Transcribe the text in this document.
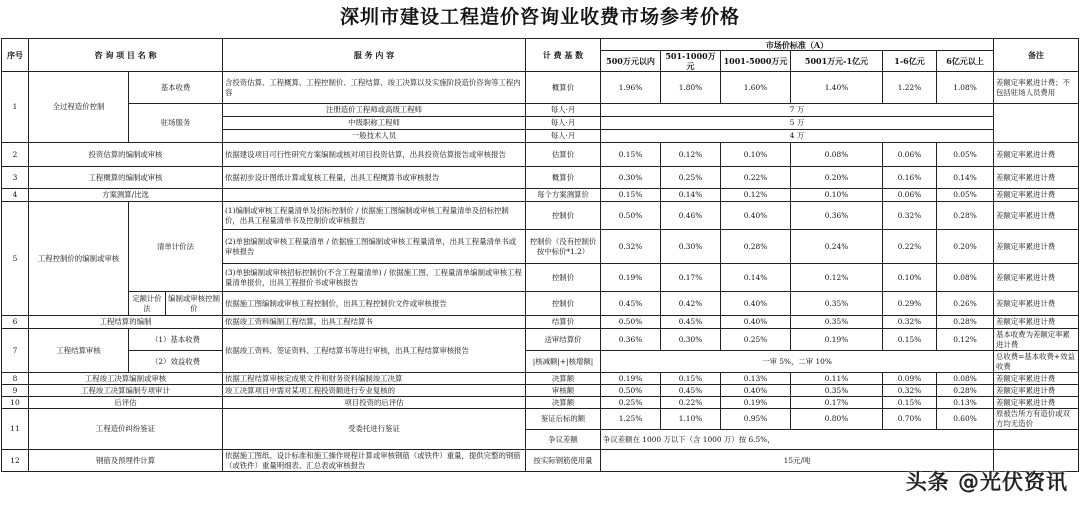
深圳市建设工程造价咨询业收费市场参考价格
序号	咨 询 项 目 名 称			服 务 内 容	计 费 基 数	市场价标准（A）						备注
						500万元以内	501-1000万元	1001-5000万元	5001万元-1亿元	1-6亿元	6亿元以上	
1	全过程造价控制	基本收费		含投资估算、工程概算、工程控制价、工程结算、竣工决算以及实施阶段造价咨询等工程内容	概算价	1.96%	1.80%	1.60%	1.40%	1.22%	1.08%	差额定率累进计费；不包括驻场人员费用
		驻场服务		注册造价工程师或高级工程师	每人·月	7 万						
				中级职称工程师	每人·月	5 万						
				一般技术人员	每人·月	4 万						
2	投资估算的编制或审核			依据建设项目可行性研究方案编制或核对项目投资估算，出具投资估算报告或审核报告	估算价	0.15%	0.12%	0.10%	0.08%	0.06%	0.05%	差额定率累进计费
3	工程概算的编制或审核			依据初步设计图纸计算或复核工程量，出具工程概算书或审核报告	概算价	0.30%	0.25%	0.22%	0.20%	0.16%	0.14%	差额定率累进计费
4	方案测算/比选				每个方案测算价	0.15%	0.14%	0.12%	0.10%	0.06%	0.05%	差额定率累进计费
5	工程控制价的编制或审核	清单计价法		(1)编制或审核工程量清单及招标控制价 / 依据施工图编制或审核工程量清单及招标控制价，出具工程量清单书及控制价或审核报告	控制价	0.50%	0.46%	0.40%	0.36%	0.32%	0.28%	差额定率累进计费
				(2)单独编制或审核工程量清单 / 依据施工图编制或审核工程量清单，出具工程量清单书或审核报告	控制价（没有控制价按中标价*1.2）	0.32%	0.30%	0.28%	0.24%	0.22%	0.20%	差额定率累进计费
				(3)单独编制或审核招标控制价(不含工程量清单) / 依据施工图、工程量清单编制或审核工程量清单报价，出具工程报价书或审核报告	控制价	0.19%	0.17%	0.14%	0.12%	0.10%	0.08%	差额定率累进计费
		定额计价法	编制或审核控制价	依据施工图编制或审核工程控制价，出具工程控制价文件或审核报告	控制价	0.45%	0.42%	0.40%	0.35%	0.29%	0.26%	差额定率累进计费
6	工程结算的编制			依据竣工资料编制工程结算，出具工程结算书	结算价	0.50%	0.45%	0.40%	0.35%	0.32%	0.28%	差额定率累进计费
7	工程结算审核	（1）基本收费		依据竣工资料、签证资料、工程结算书等进行审核，出具工程结算审核报告	送审结算价	0.36%	0.30%	0.25%	0.19%	0.15%	0.12%	基本收费为差额定率累进计费
		（2）效益收费			|核减额|+|核增额|	一审 5%，二审 10%						总收费=基本收费+效益收费
8	工程竣工决算编制或审核			依据工程结算审核定成果文件和财务资料编制竣工决算	决算额	0.19%	0.15%	0.13%	0.11%	0.09%	0.08%	差额定率累进计费
9	工程竣工决算编制专项审计			竣工决算项目中需对某项工程投资额进行专业复核的	审核额	0.50%	0.45%	0.40%	0.35%	0.32%	0.28%	差额定率累进计费
10	后评估			项目投资的后评估	决算额	0.25%	0.22%	0.19%	0.17%	0.15%	0.13%	差额定率累进计费
11	工程造价纠纷鉴证			受委托进行鉴证	鉴证后标的额	1.25%	1.10%	0.95%	0.80%	0.70%	0.60%	原被告所方有造价或双方均无造价
					争议差额	争议差额在 1000 万以下（含 1000 万）按 6.5%，						
12	钢筋及预埋件计算			依据施工图纸、设计标准和施工操作规程计算或审核钢筋（或铁件）重量，提供完整的钢筋（或铁件）重量明细表、汇总表或审核报告	按实际钢筋使用量	15元/吨						
头条 @光伏资讯
